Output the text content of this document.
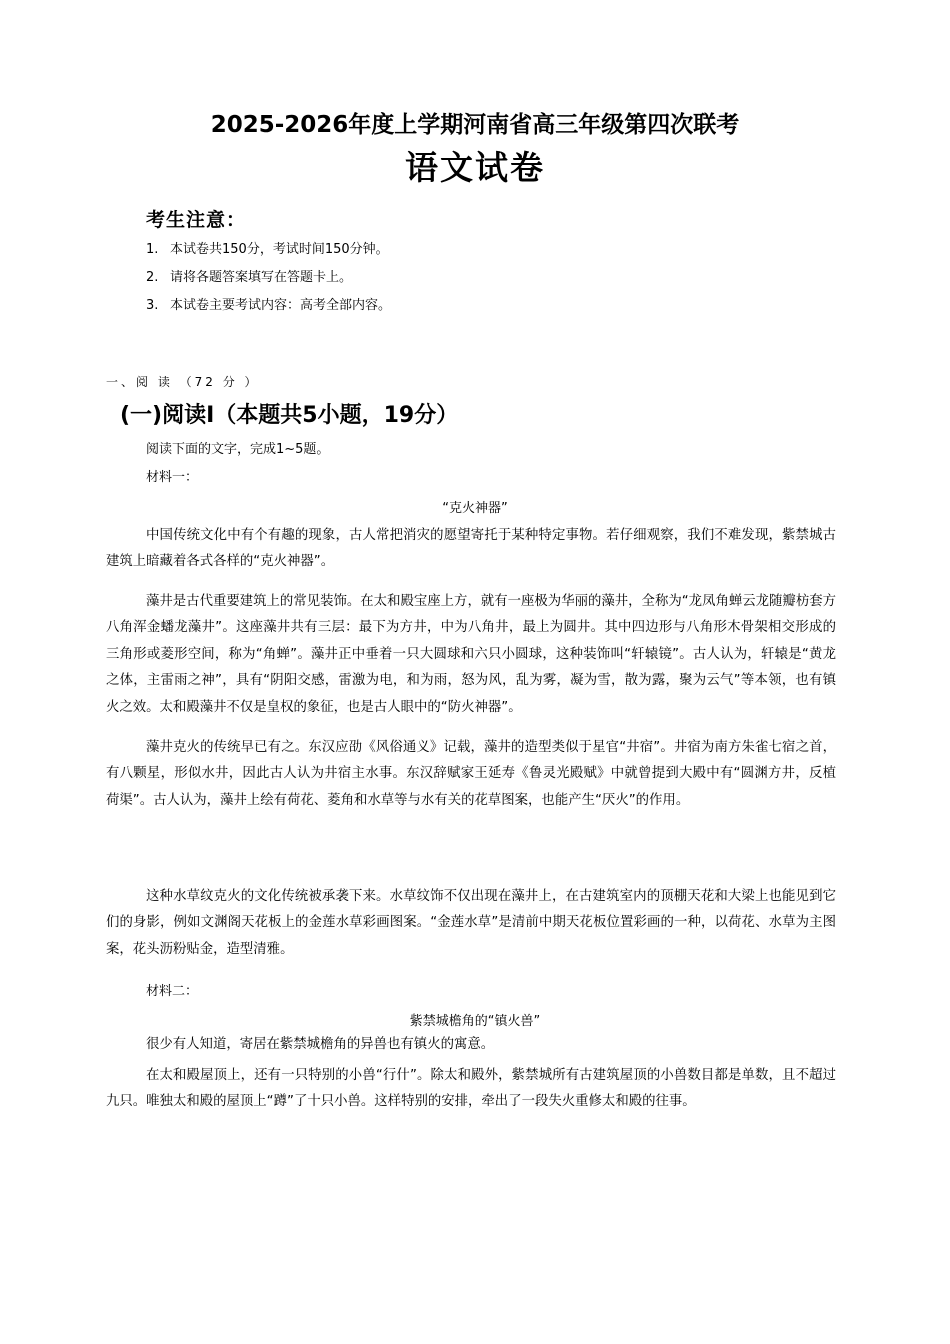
2025-2026年度上学期河南省高三年级第四次联考
语文试卷
考生注意：
1. 本试卷共150分，考试时间150分钟。
2. 请将各题答案填写在答题卡上。
3. 本试卷主要考试内容：高考全部内容。
一、阅 读 （72 分 ）
(一)阅读Ⅰ（本题共5小题，19分）
阅读下面的文字，完成1~5题。
材料一：
“克火神器”

中国传统文化中有个有趣的现象，古人常把消灾的愿望寄托于某种特定事物。若仔细观察，我们不难发现，紫禁城古建筑上暗藏着各式各样的“克火神器”。

藻井是古代重要建筑上的常见装饰。在太和殿宝座上方，就有一座极为华丽的藻井，全称为“龙凤角蝉云龙随瓣枋套方八角浑金蟠龙藻井”。这座藻井共有三层：最下为方井，中为八角井，最上为圆井。其中四边形与八角形木骨架相交形成的三角形或菱形空间，称为“角蝉”。藻井正中垂着一只大圆球和六只小圆球，这种装饰叫“轩辕镜”。古人认为，轩辕是“黄龙之体，主雷雨之神”，具有“阴阳交感，雷激为电，和为雨，怒为风，乱为雾，凝为雪，散为露，聚为云气”等本领，也有镇火之效。太和殿藻井不仅是皇权的象征，也是古人眼中的“防火神器”。

藻井克火的传统早已有之。东汉应劭《风俗通义》记载，藻井的造型类似于星官“井宿”。井宿为南方朱雀七宿之首，有八颗星，形似水井，因此古人认为井宿主水事。东汉辞赋家王延寿《鲁灵光殿赋》中就曾提到大殿中有“圆渊方井，反植荷渠”。古人认为，藻井上绘有荷花、菱角和水草等与水有关的花草图案，也能产生“厌火”的作用。

这种水草纹克火的文化传统被承袭下来。水草纹饰不仅出现在藻井上，在古建筑室内的顶棚天花和大梁上也能见到它们的身影，例如文渊阁天花板上的金莲水草彩画图案。“金莲水草”是清前中期天花板位置彩画的一种，以荷花、水草为主图案，花头沥粉贴金，造型清雅。

材料二：
紫禁城檐角的“镇火兽”

很少有人知道，寄居在紫禁城檐角的异兽也有镇火的寓意。

在太和殿屋顶上，还有一只特别的小兽“行什”。除太和殿外，紫禁城所有古建筑屋顶的小兽数目都是单数，且不超过九只。唯独太和殿的屋顶上“蹲”了十只小兽。这样特别的安排，牵出了一段失火重修太和殿的往事。
